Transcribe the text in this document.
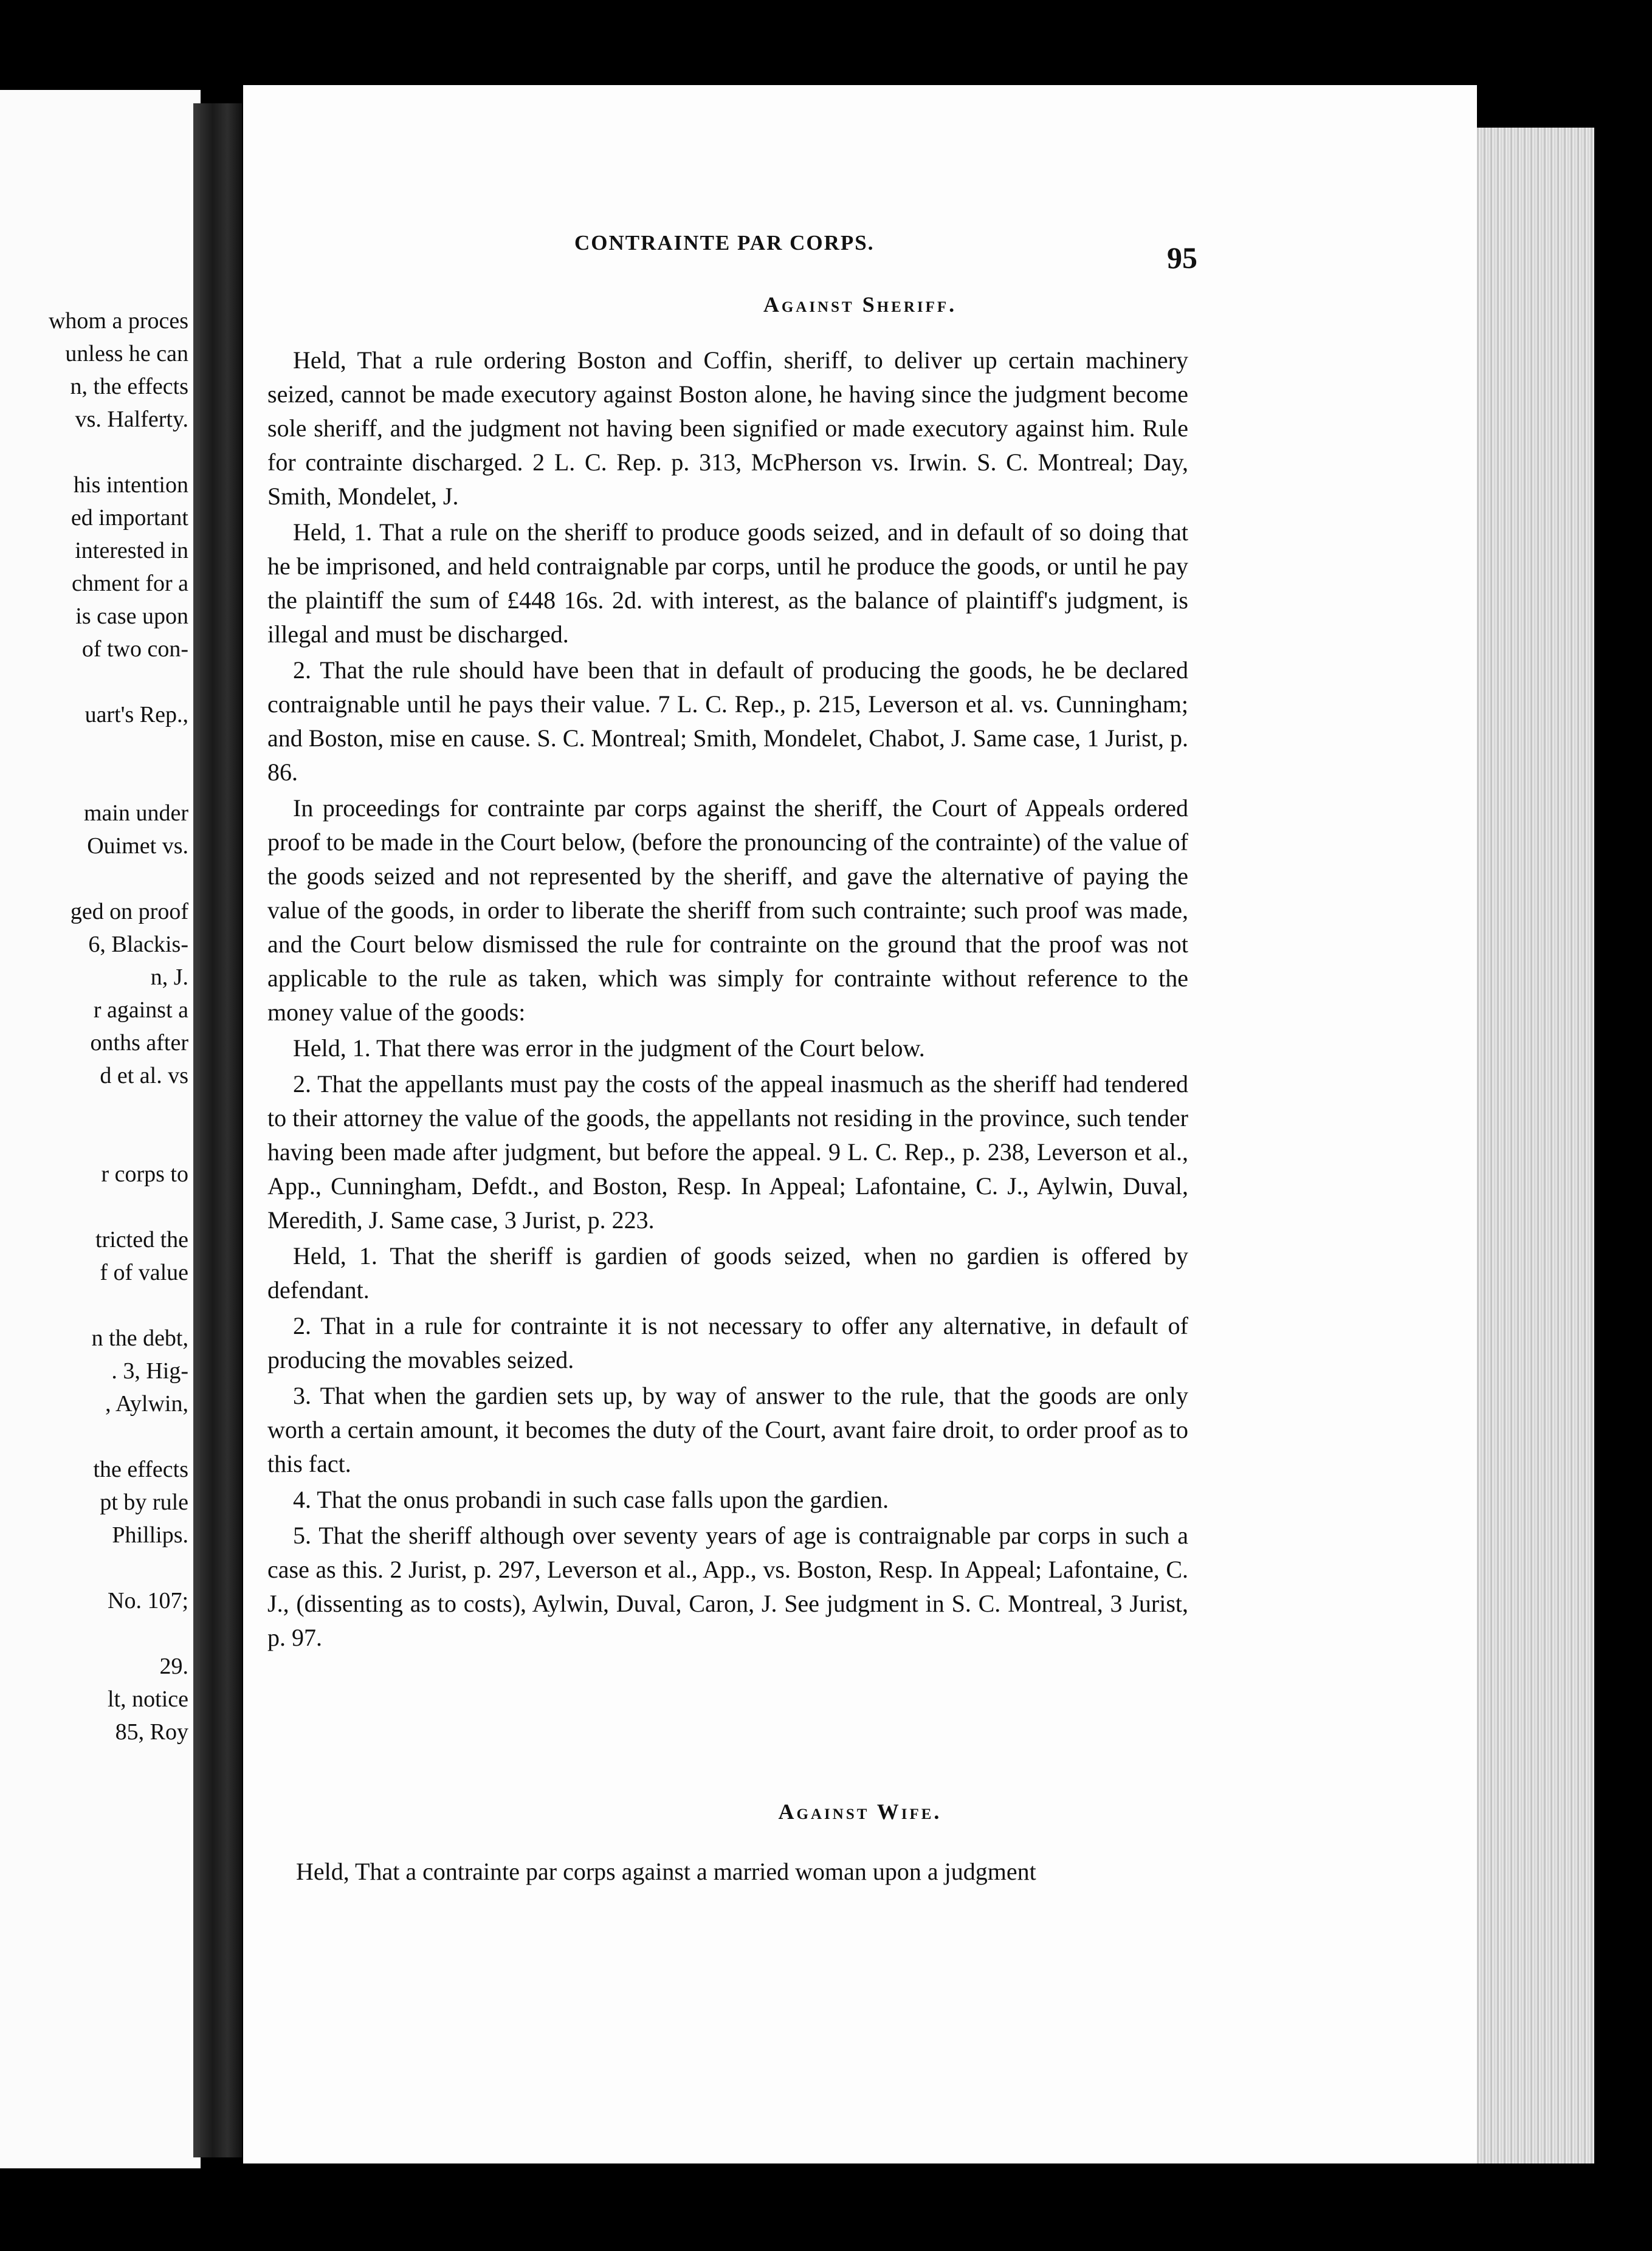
whom a proces
unless he can
n, the effects
vs. Halferty.
his intention
ed important
interested in
chment for a
is case upon
of two con-
uart's Rep.,
main under
Ouimet vs.
ged on proof
6, Blackis-
n, J.
r against a
onths after
d et al. vs
r corps to
tricted the
f of value
n the debt,
. 3, Hig-
, Aylwin,
the effects
pt by rule
Phillips.
No. 107;
29.
lt, notice
85, Roy
CONTRAINTE PAR CORPS.	95
Against Sheriff.

Held, That a rule ordering Boston and Coffin, sheriff, to deliver up certain machinery seized, cannot be made executory against Boston alone, he having since the judgment become sole sheriff, and the judgment not having been signified or made executory against him. Rule for contrainte discharged. 2 L. C. Rep. p. 313, McPherson vs. Irwin. S. C. Montreal; Day, Smith, Mondelet, J.

Held, 1. That a rule on the sheriff to produce goods seized, and in default of so doing that he be imprisoned, and held contraignable par corps, until he produce the goods, or until he pay the plaintiff the sum of £448 16s. 2d. with interest, as the balance of plaintiff's judgment, is illegal and must be discharged.

2. That the rule should have been that in default of producing the goods, he be declared contraignable until he pays their value. 7 L. C. Rep., p. 215, Leverson et al. vs. Cunningham; and Boston, mise en cause. S. C. Montreal; Smith, Mondelet, Chabot, J. Same case, 1 Jurist, p. 86.

In proceedings for contrainte par corps against the sheriff, the Court of Appeals ordered proof to be made in the Court below, (before the pronouncing of the contrainte) of the value of the goods seized and not represented by the sheriff, and gave the alternative of paying the value of the goods, in order to liberate the sheriff from such contrainte; such proof was made, and the Court below dismissed the rule for contrainte on the ground that the proof was not applicable to the rule as taken, which was simply for contrainte without reference to the money value of the goods:

Held, 1. That there was error in the judgment of the Court below.

2. That the appellants must pay the costs of the appeal inasmuch as the sheriff had tendered to their attorney the value of the goods, the appellants not residing in the province, such tender having been made after judgment, but before the appeal. 9 L. C. Rep., p. 238, Leverson et al., App., Cunningham, Defdt., and Boston, Resp. In Appeal; Lafontaine, C. J., Aylwin, Duval, Meredith, J. Same case, 3 Jurist, p. 223.

Held, 1. That the sheriff is gardien of goods seized, when no gardien is offered by defendant.

2. That in a rule for contrainte it is not necessary to offer any alternative, in default of producing the movables seized.

3. That when the gardien sets up, by way of answer to the rule, that the goods are only worth a certain amount, it becomes the duty of the Court, avant faire droit, to order proof as to this fact.

4. That the onus probandi in such case falls upon the gardien.

5. That the sheriff although over seventy years of age is contraignable par corps in such a case as this. 2 Jurist, p. 297, Leverson et al., App., vs. Boston, Resp. In Appeal; Lafontaine, C. J., (dissenting as to costs), Aylwin, Duval, Caron, J. See judgment in S. C. Montreal, 3 Jurist, p. 97.

Against Wife.
Held, That a contrainte par corps against a married woman upon a judgment
